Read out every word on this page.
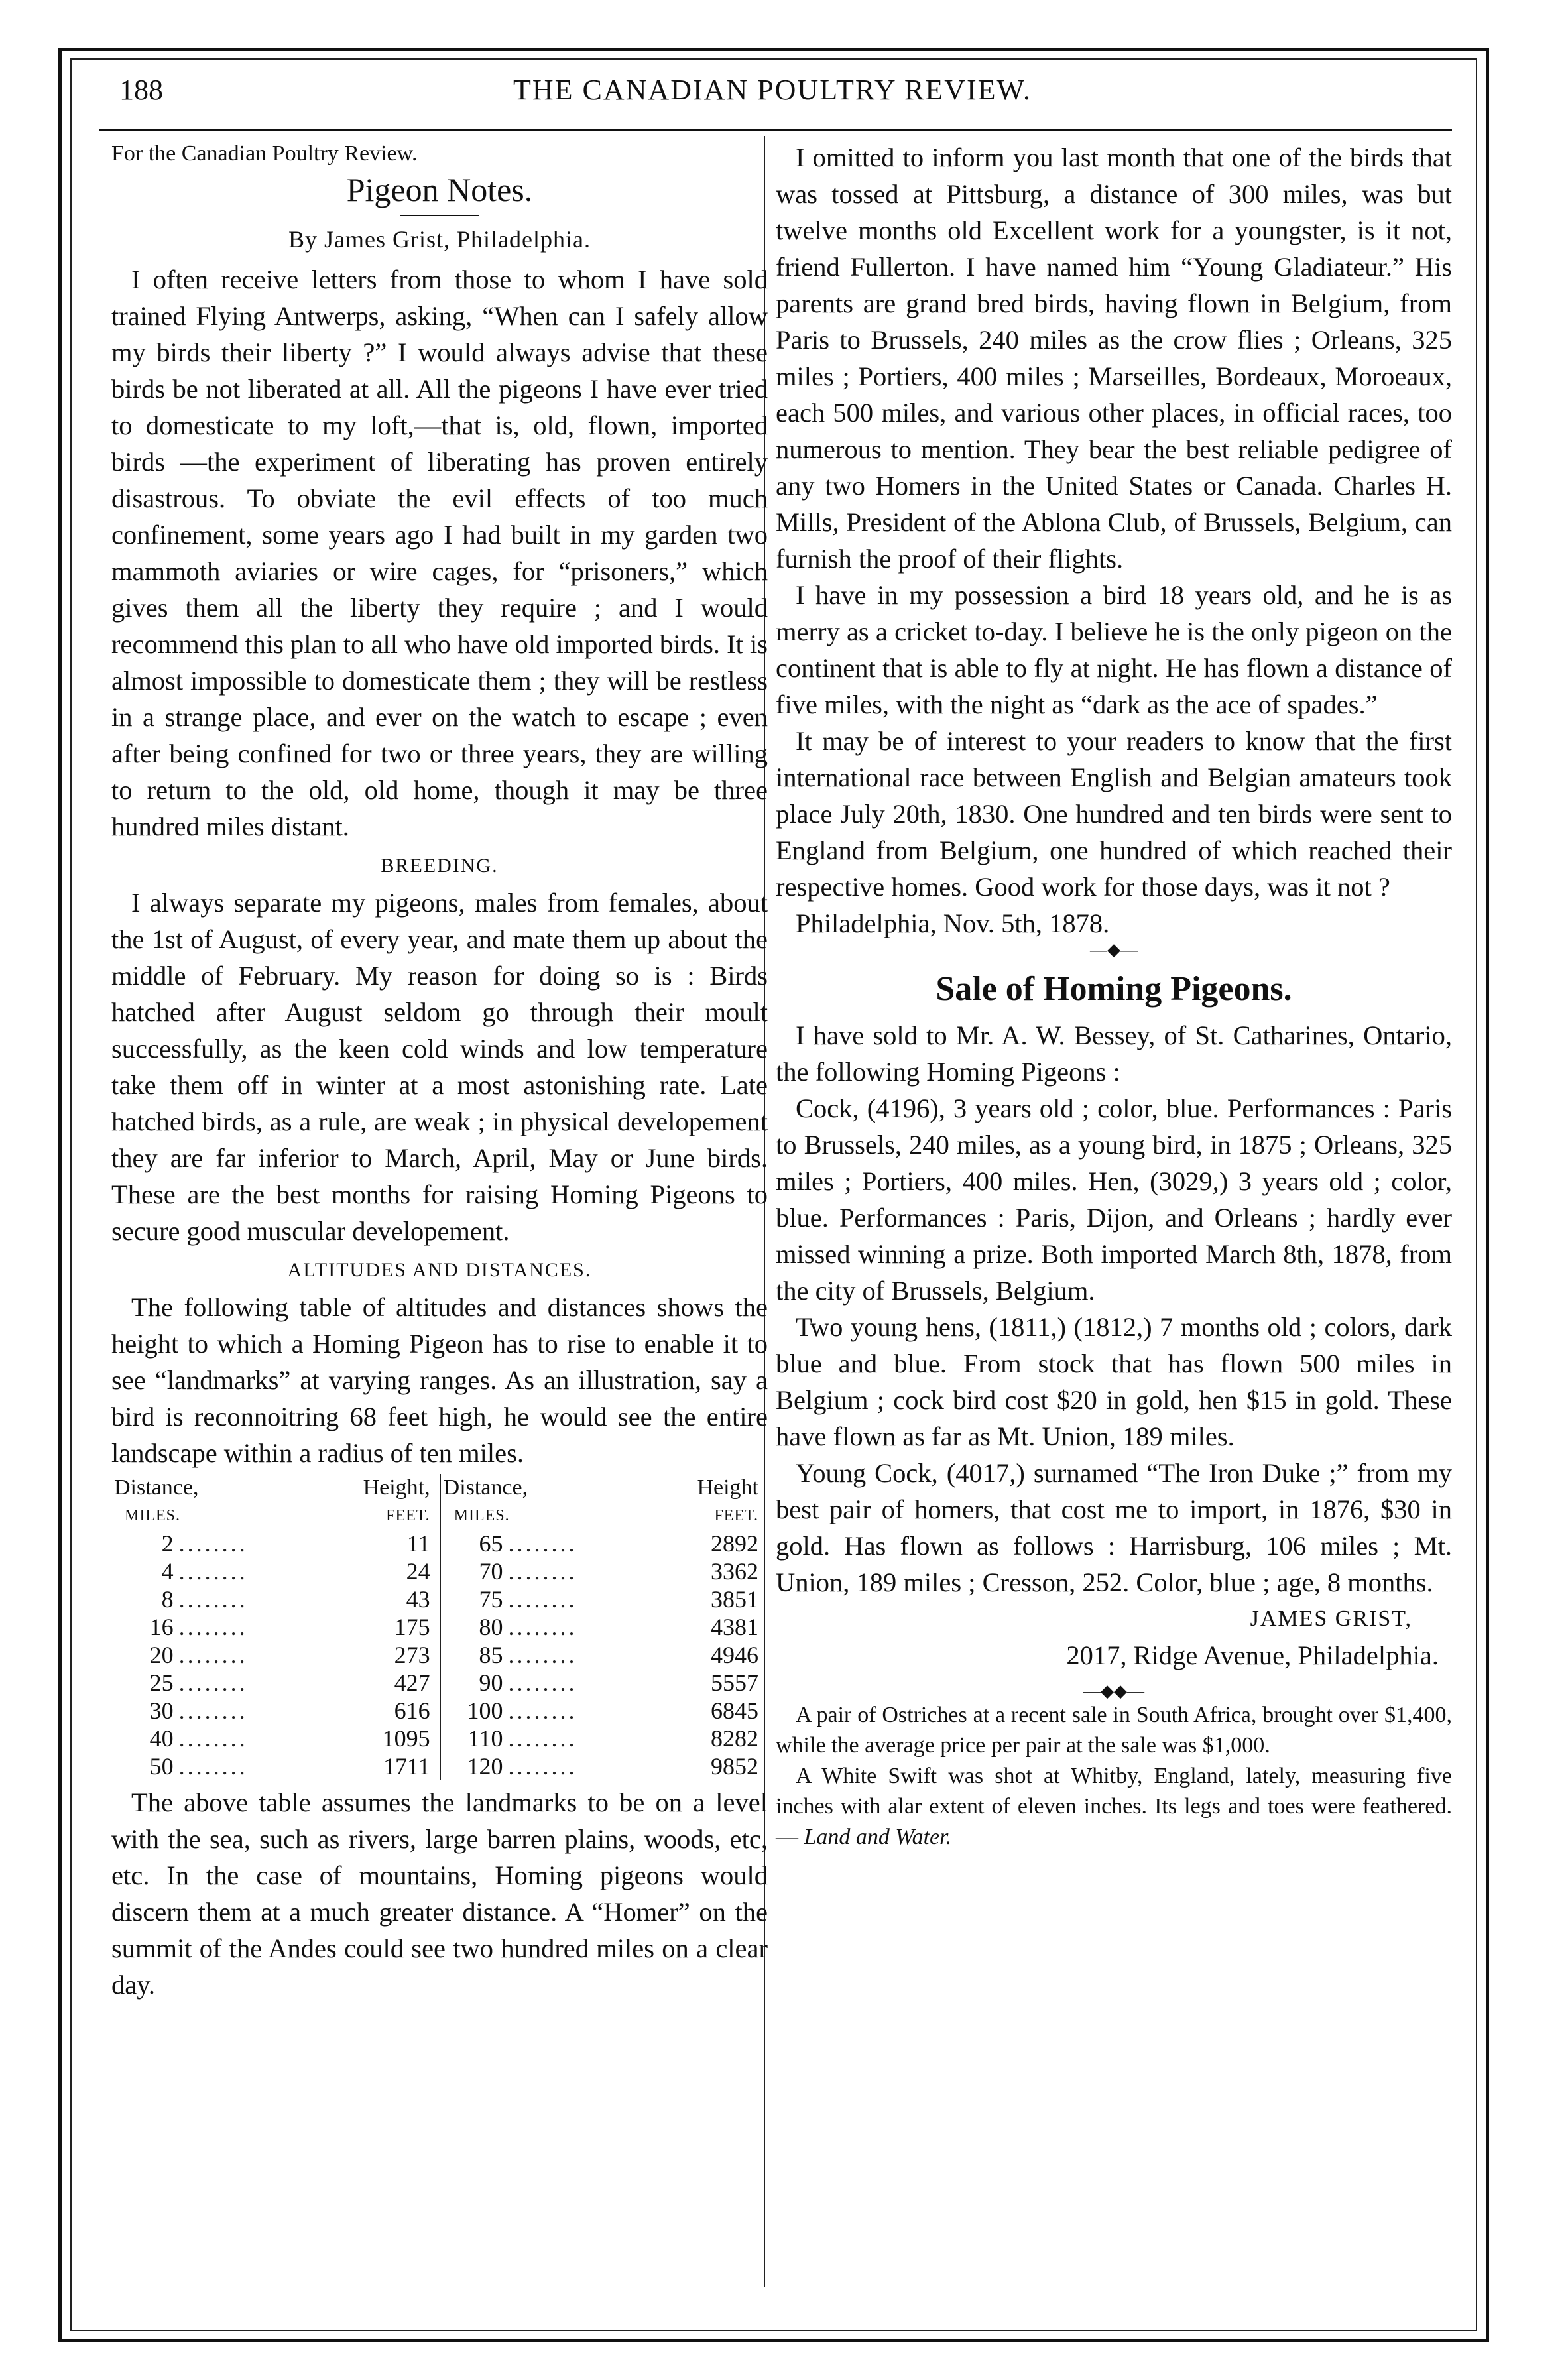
188	THE CANADIAN POULTRY REVIEW.

For the Canadian Poultry Review.

Pigeon Notes.
By James Grist, Philadelphia.

I often receive letters from those to whom I have sold trained Flying Antwerps, asking, “When can I safely allow my birds their liberty ?” I would always advise that these birds be not liberated at all. All the pigeons I have ever tried to domesticate to my loft,—that is, old, flown, imported birds —the experiment of liberating has proven entirely disastrous. To obviate the evil effects of too much confinement, some years ago I had built in my garden two mammoth aviaries or wire cages, for “prisoners,” which gives them all the liberty they require ; and I would recommend this plan to all who have old imported birds. It is almost impossible to domesticate them ; they will be restless in a strange place, and ever on the watch to escape ; even after being confined for two or three years, they are willing to return to the old, old home, though it may be three hundred miles distant.

BREEDING.

I always separate my pigeons, males from females, about the 1st of August, of every year, and mate them up about the middle of February. My reason for doing so is : Birds hatched after August seldom go through their moult successfully, as the keen cold winds and low temperature take them off in winter at a most astonishing rate. Late hatched birds, as a rule, are weak ; in physical developement they are far inferior to March, April, May or June birds. These are the best months for raising Homing Pigeons to secure good muscular developement.

ALTITUDES AND DISTANCES.

The following table of altitudes and distances shows the height to which a Homing Pigeon has to rise to enable it to see “landmarks” at varying ranges. As an illustration, say a bird is reconnoitring 68 feet high, he would see the entire landscape within a radius of ten miles.

Distance,		Height,	Distance,		Height
MILES.		FEET.	MILES.		FEET.
2	........	11	65	........	2892
4	........	24	70	........	3362
8	........	43	75	........	3851
16	........	175	80	........	4381
20	........	273	85	........	4946
25	........	427	90	........	5557
30	........	616	100	........	6845
40	........	1095	110	........	8282
50	........	1711	120	........	9852

The above table assumes the landmarks to be on a level with the sea, such as rivers, large barren plains, woods, etc, etc. In the case of mountains, Homing pigeons would discern them at a much greater distance. A “Homer” on the summit of the Andes could see two hundred miles on a clear day.

I omitted to inform you last month that one of the birds that was tossed at Pittsburg, a distance of 300 miles, was but twelve months old Excellent work for a youngster, is it not, friend Fullerton. I have named him “Young Gladiateur.” His parents are grand bred birds, having flown in Belgium, from Paris to Brussels, 240 miles as the crow flies ; Orleans, 325 miles ; Portiers, 400 miles ; Marseilles, Bordeaux, Moroeaux, each 500 miles, and various other places, in official races, too numerous to mention. They bear the best reliable pedigree of any two Homers in the United States or Canada. Charles H. Mills, President of the Ablona Club, of Brussels, Belgium, can furnish the proof of their flights.

I have in my possession a bird 18 years old, and he is as merry as a cricket to-day. I believe he is the only pigeon on the continent that is able to fly at night. He has flown a distance of five miles, with the night as “dark as the ace of spades.”

It may be of interest to your readers to know that the first international race between English and Belgian amateurs took place July 20th, 1830. One hundred and ten birds were sent to England from Belgium, one hundred of which reached their respective homes. Good work for those days, was it not ?

Philadelphia, Nov. 5th, 1878.

—◆—
Sale of Homing Pigeons.

I have sold to Mr. A. W. Bessey, of St. Catharines, Ontario, the following Homing Pigeons :

Cock, (4196), 3 years old ; color, blue. Performances : Paris to Brussels, 240 miles, as a young bird, in 1875 ; Orleans, 325 miles ; Portiers, 400 miles. Hen, (3029,) 3 years old ; color, blue. Performances : Paris, Dijon, and Orleans ; hardly ever missed winning a prize. Both imported March 8th, 1878, from the city of Brussels, Belgium.

Two young hens, (1811,) (1812,) 7 months old ; colors, dark blue and blue. From stock that has flown 500 miles in Belgium ; cock bird cost $20 in gold, hen $15 in gold. These have flown as far as Mt. Union, 189 miles.

Young Cock, (4017,) surnamed “The Iron Duke ;” from my best pair of homers, that cost me to import, in 1876, $30 in gold. Has flown as follows : Harrisburg, 106 miles ; Mt. Union, 189 miles ; Cresson, 252. Color, blue ; age, 8 months.

JAMES GRIST,
2017, Ridge Avenue, Philadelphia.
—◆◆—

A pair of Ostriches at a recent sale in South Africa, brought over $1,400, while the average price per pair at the sale was $1,000.

A White Swift was shot at Whitby, England, lately, measuring five inches with alar extent of eleven inches. Its legs and toes were feathered.— Land and Water.
